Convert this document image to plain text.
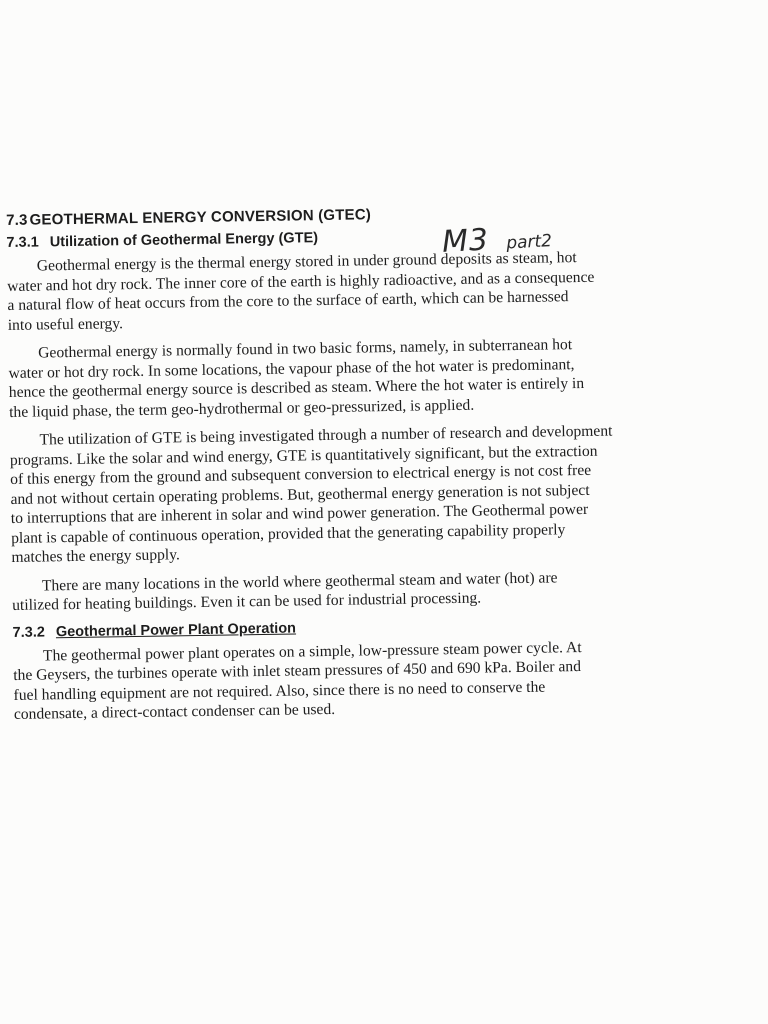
M3 part2
7.3 GEOTHERMAL ENERGY CONVERSION (GTEC)
7.3.1 Utilization of Geothermal Energy (GTE)
Geothermal energy is the thermal energy stored in under ground deposits as steam, hot
water and hot dry rock. The inner core of the earth is highly radioactive, and as a consequence
a natural flow of heat occurs from the core to the surface of earth, which can be harnessed
into useful energy.
Geothermal energy is normally found in two basic forms, namely, in subterranean hot
water or hot dry rock. In some locations, the vapour phase of the hot water is predominant,
hence the geothermal energy source is described as steam. Where the hot water is entirely in
the liquid phase, the term geo-hydrothermal or geo-pressurized, is applied.
The utilization of GTE is being investigated through a number of research and development
programs. Like the solar and wind energy, GTE is quantitatively significant, but the extraction
of this energy from the ground and subsequent conversion to electrical energy is not cost free
and not without certain operating problems. But, geothermal energy generation is not subject
to interruptions that are inherent in solar and wind power generation. The Geothermal power
plant is capable of continuous operation, provided that the generating capability properly
matches the energy supply.
There are many locations in the world where geothermal steam and water (hot) are
utilized for heating buildings. Even it can be used for industrial processing.
7.3.2 Geothermal Power Plant Operation
The geothermal power plant operates on a simple, low-pressure steam power cycle. At
the Geysers, the turbines operate with inlet steam pressures of 450 and 690 kPa. Boiler and
fuel handling equipment are not required. Also, since there is no need to conserve the
condensate, a direct-contact condenser can be used.
